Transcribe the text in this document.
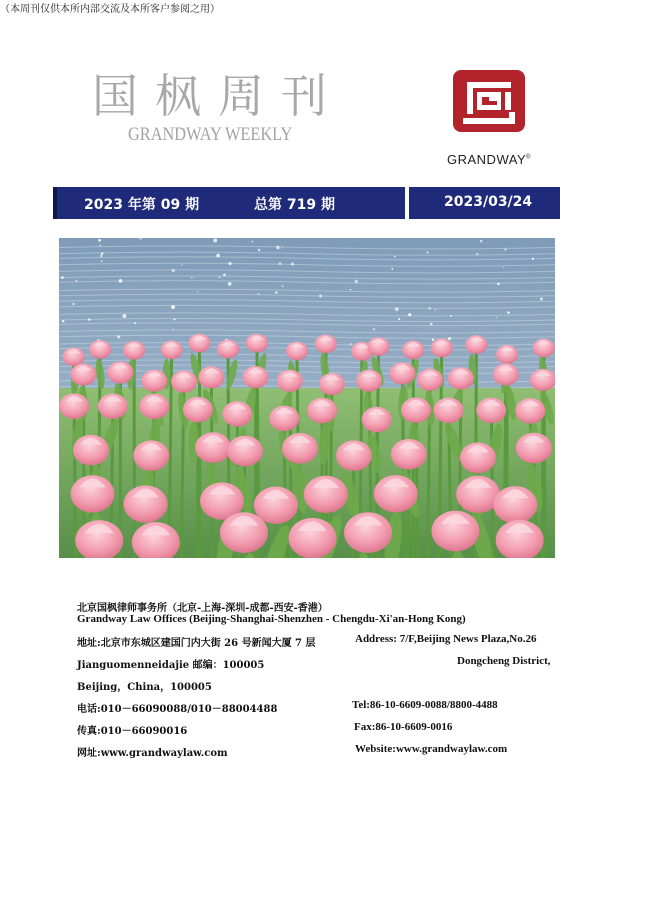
国枫周刊
GRANDWAY WEEKLY
GRANDWAY®
2023 年第 09 期	总第 719 期	2023/03/24
北京国枫律师事务所（北京-上海-深圳-成都-西安-香港）
Grandway Law Offices (Beijing-Shanghai-Shenzhen - Chengdu-Xi'an-Hong Kong)
地址:北京市东城区建国门内大街 26 号新闻大厦 7 层	Address: 7/F,Beijing News Plaza,No.26
Jianguomenneidajie 邮编：100005	Dongcheng District,
Beijing，China，100005
电话:010－66090088/010－88004488	Tel:86-10-6609-0088/8800-4488
传真:010－66090016	Fax:86-10-6609-0016
网址:www.grandwaylaw.com	Website:www.grandwaylaw.com
（本周刊仅供本所内部交流及本所客户参阅之用）
